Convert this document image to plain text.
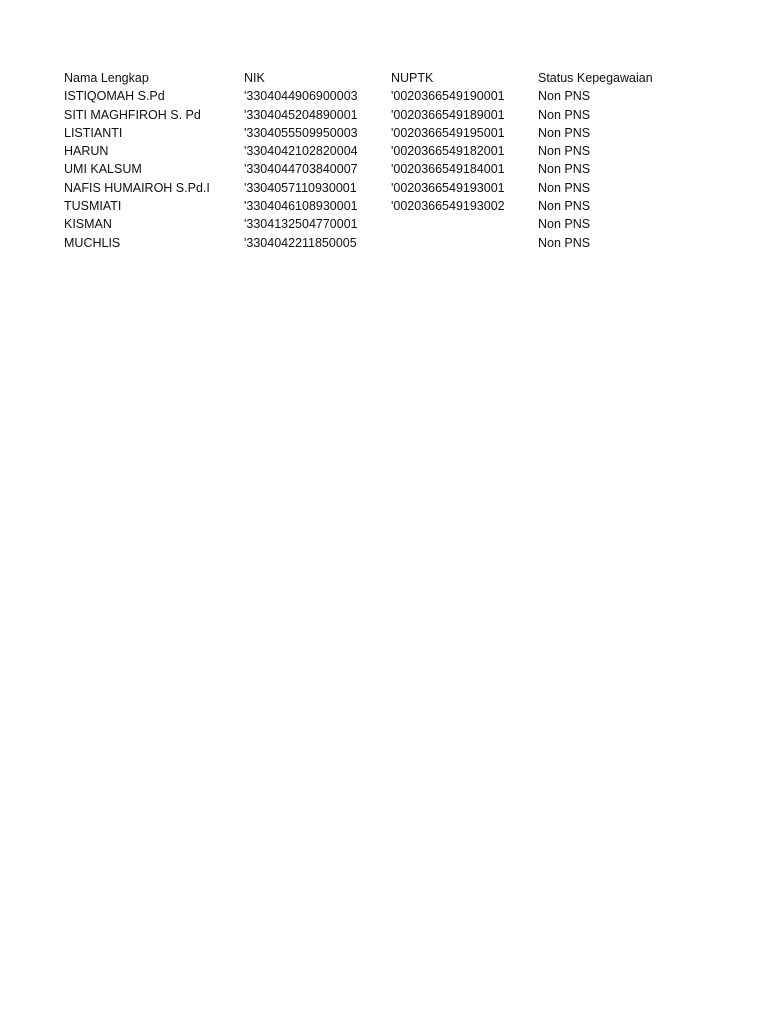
Nama Lengkap	NIK	NUPTK	Status Kepegawaian
ISTIQOMAH S.Pd	'3304044906900003	'0020366549190001	Non PNS
SITI MAGHFIROH S. Pd	'3304045204890001	'0020366549189001	Non PNS
LISTIANTI	'3304055509950003	'0020366549195001	Non PNS
HARUN	'3304042102820004	'0020366549182001	Non PNS
UMI KALSUM	'3304044703840007	'0020366549184001	Non PNS
NAFIS HUMAIROH S.Pd.I	'3304057110930001	'0020366549193001	Non PNS
TUSMIATI	'3304046108930001	'0020366549193002	Non PNS
KISMAN	'3304132504770001		Non PNS
MUCHLIS	'3304042211850005		Non PNS
